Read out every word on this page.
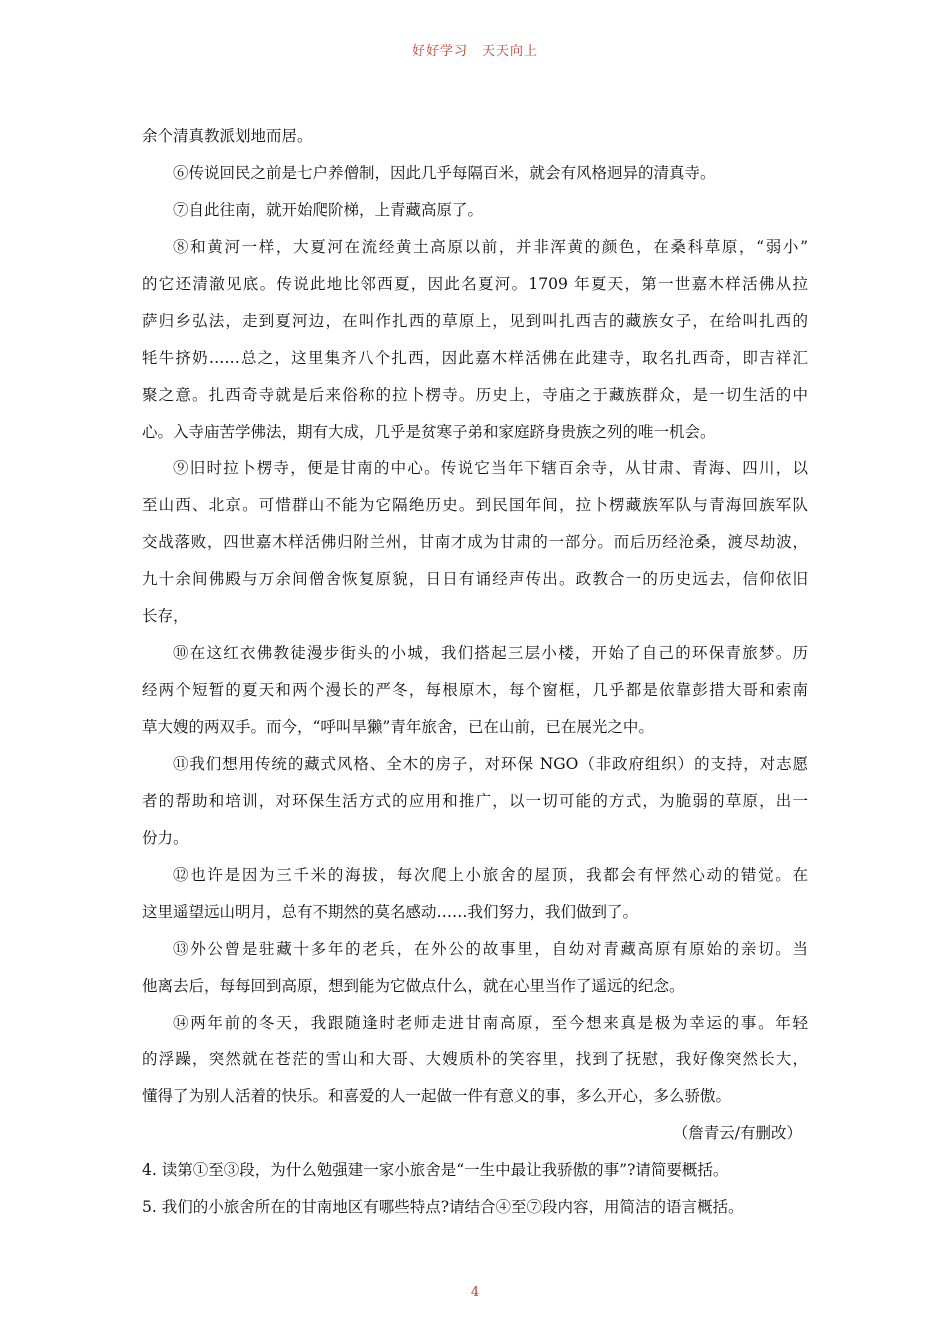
好好学习　天天向上
余个清真教派划地而居。
⑥传说回民之前是七户养僧制，因此几乎每隔百米，就会有风格迥异的清真寺。
⑦自此往南，就开始爬阶梯，上青藏高原了。
⑧和黄河一样，大夏河在流经黄土高原以前，并非浑黄的颜色，在桑科草原，“弱小”
的它还清澈见底。传说此地比邻西夏，因此名夏河。1709 年夏天，第一世嘉木样活佛从拉
萨归乡弘法，走到夏河边，在叫作扎西的草原上，见到叫扎西吉的藏族女子，在给叫扎西的
牦牛挤奶……总之，这里集齐八个扎西，因此嘉木样活佛在此建寺，取名扎西奇，即吉祥汇
聚之意。扎西奇寺就是后来俗称的拉卜楞寺。历史上，寺庙之于藏族群众，是一切生活的中
心。入寺庙苦学佛法，期有大成，几乎是贫寒子弟和家庭跻身贵族之列的唯一机会。
⑨旧时拉卜楞寺，便是甘南的中心。传说它当年下辖百余寺，从甘肃、青海、四川，以
至山西、北京。可惜群山不能为它隔绝历史。到民国年间，拉卜楞藏族军队与青海回族军队
交战落败，四世嘉木样活佛归附兰州，甘南才成为甘肃的一部分。而后历经沧桑，渡尽劫波，
九十余间佛殿与万余间僧舍恢复原貌，日日有诵经声传出。政教合一的历史远去，信仰依旧
长存，
⑩在这红衣佛教徒漫步街头的小城，我们搭起三层小楼，开始了自己的环保青旅梦。历
经两个短暂的夏天和两个漫长的严冬，每根原木，每个窗框，几乎都是依靠彭措大哥和索南
草大嫂的两双手。而今，“呼叫旱獭”青年旅舍，已在山前，已在展光之中。
⑪我们想用传统的藏式风格、全木的房子，对环保 NGO（非政府组织）的支持，对志愿
者的帮助和培训，对环保生活方式的应用和推广，以一切可能的方式，为脆弱的草原，出一
份力。
⑫也许是因为三千米的海拔，每次爬上小旅舍的屋顶，我都会有怦然心动的错觉。在
这里遥望远山明月，总有不期然的莫名感动……我们努力，我们做到了。
⑬外公曾是驻藏十多年的老兵，在外公的故事里，自幼对青藏高原有原始的亲切。当
他离去后，每每回到高原，想到能为它做点什么，就在心里当作了遥远的纪念。
⑭两年前的冬天，我跟随逢时老师走进甘南高原，至今想来真是极为幸运的事。年轻
的浮躁，突然就在苍茫的雪山和大哥、大嫂质朴的笑容里，找到了抚慰，我好像突然长大，
懂得了为别人活着的快乐。和喜爱的人一起做一件有意义的事，多么开心，多么骄傲。
（詹青云/有删改）
4. 读第①至③段，为什么勉强建一家小旅舍是“一生中最让我骄傲的事”?请简要概括。
5. 我们的小旅舍所在的甘南地区有哪些特点?请结合④至⑦段内容，用简洁的语言概括。
4
